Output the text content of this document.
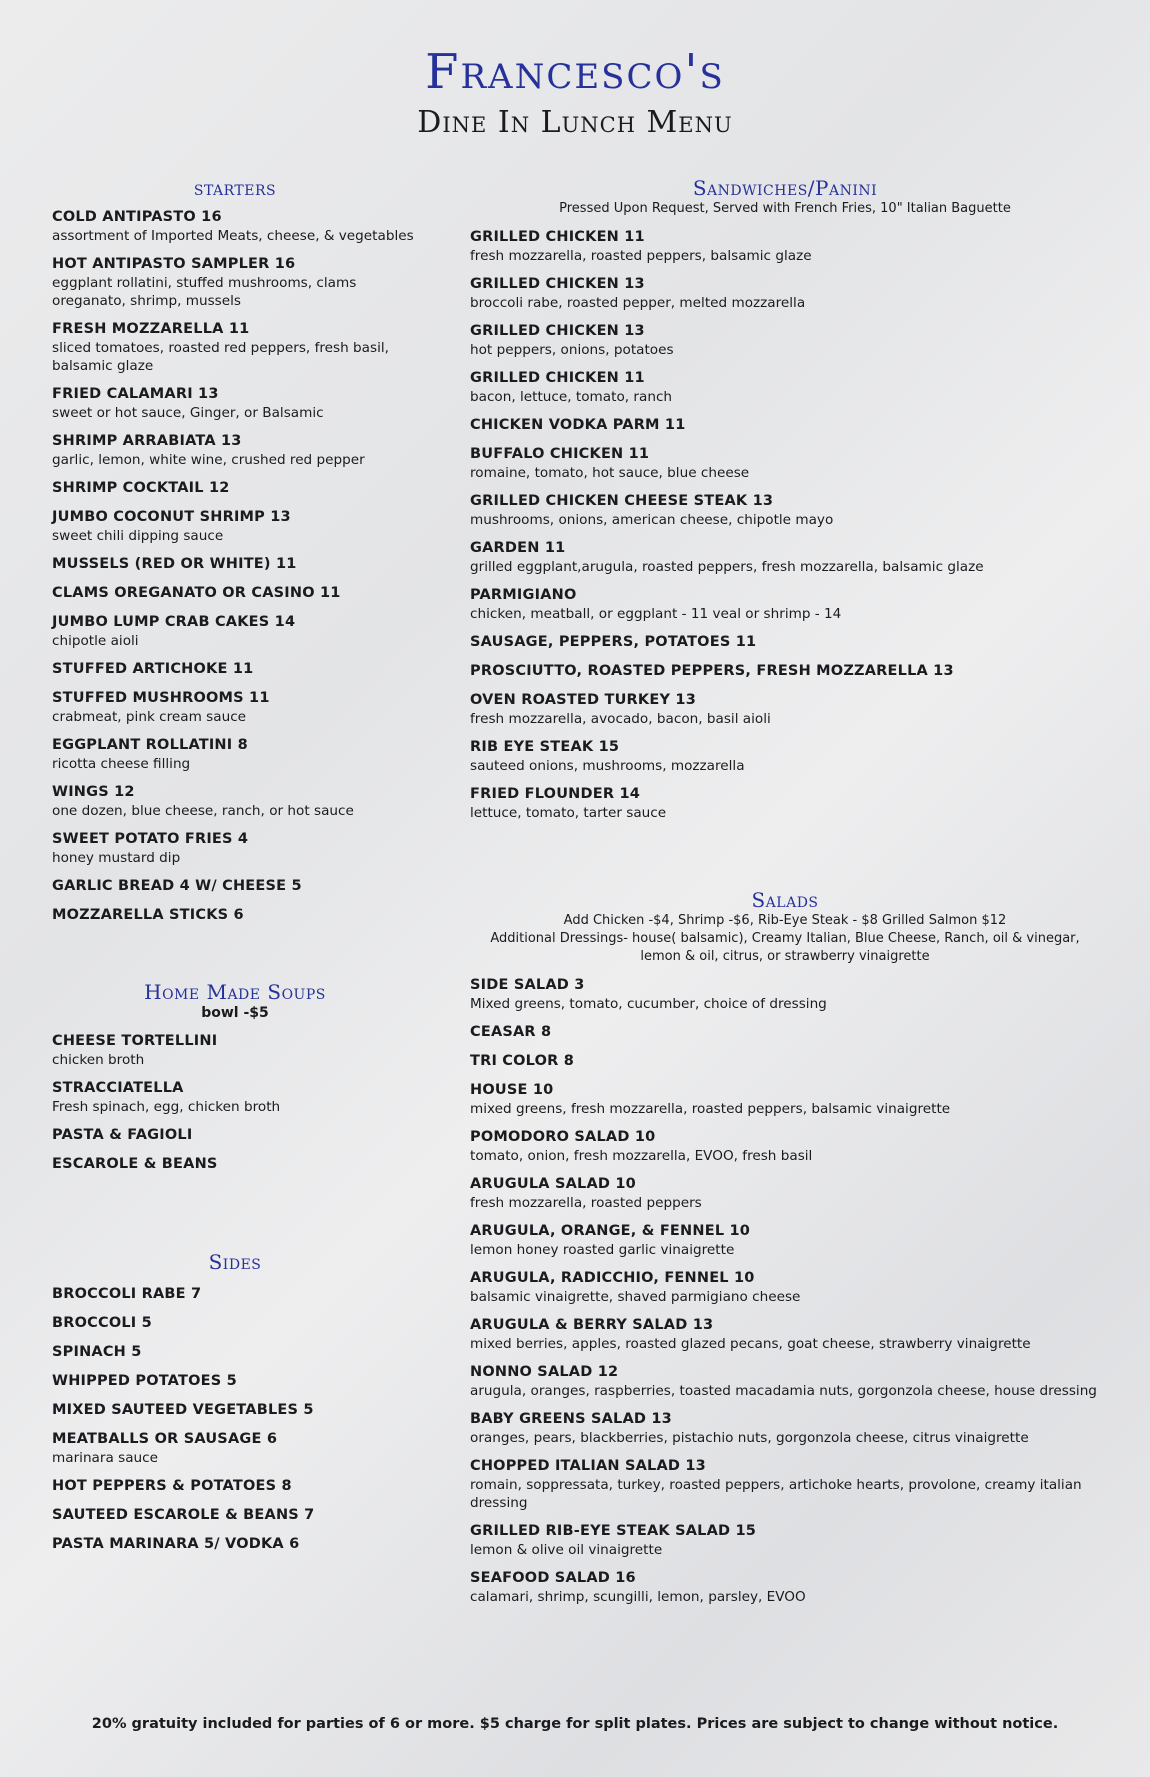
Francesco's
Dine In Lunch Menu
starters
COLD ANTIPASTO 16
assortment of Imported Meats, cheese, & vegetables
HOT ANTIPASTO SAMPLER 16
eggplant rollatini, stuffed mushrooms, clams oreganato, shrimp, mussels
FRESH MOZZARELLA 11
sliced tomatoes, roasted red peppers, fresh basil, balsamic glaze
FRIED CALAMARI 13
sweet or hot sauce, Ginger, or Balsamic
SHRIMP ARRABIATA 13
garlic, lemon, white wine, crushed red pepper
SHRIMP COCKTAIL 12
JUMBO COCONUT SHRIMP 13
sweet chili dipping sauce
MUSSELS (RED OR WHITE) 11
CLAMS OREGANATO OR CASINO 11
JUMBO LUMP CRAB CAKES 14
chipotle aioli
STUFFED ARTICHOKE 11
STUFFED MUSHROOMS 11
crabmeat, pink cream sauce
EGGPLANT ROLLATINI 8
ricotta cheese filling
WINGS 12
one dozen, blue cheese, ranch, or hot sauce
SWEET POTATO FRIES 4
honey mustard dip
GARLIC BREAD 4 W/ CHEESE 5
MOZZARELLA STICKS 6
Home Made Soups
bowl -$5
CHEESE TORTELLINI
chicken broth
STRACCIATELLA
Fresh spinach, egg, chicken broth
PASTA & FAGIOLI
ESCAROLE & BEANS
Sides
BROCCOLI RABE 7
BROCCOLI 5
SPINACH 5
WHIPPED POTATOES 5
MIXED SAUTEED VEGETABLES 5
MEATBALLS OR SAUSAGE 6
marinara sauce
HOT PEPPERS & POTATOES 8
SAUTEED ESCAROLE & BEANS 7
PASTA MARINARA 5/ VODKA 6
Sandwiches/Panini
Pressed Upon Request, Served with French Fries, 10" Italian Baguette
GRILLED CHICKEN 11
fresh mozzarella, roasted peppers, balsamic glaze
GRILLED CHICKEN 13
broccoli rabe, roasted pepper, melted mozzarella
GRILLED CHICKEN 13
hot peppers, onions, potatoes
GRILLED CHICKEN 11
bacon, lettuce, tomato, ranch
CHICKEN VODKA PARM 11
BUFFALO CHICKEN 11
romaine, tomato, hot sauce, blue cheese
GRILLED CHICKEN CHEESE STEAK 13
mushrooms, onions, american cheese, chipotle mayo
GARDEN 11
grilled eggplant,arugula, roasted peppers, fresh mozzarella, balsamic glaze
PARMIGIANO
chicken, meatball, or eggplant - 11 veal or shrimp - 14
SAUSAGE, PEPPERS, POTATOES 11
PROSCIUTTO, ROASTED PEPPERS, FRESH MOZZARELLA 13
OVEN ROASTED TURKEY 13
fresh mozzarella, avocado, bacon, basil aioli
RIB EYE STEAK 15
sauteed onions, mushrooms, mozzarella
FRIED FLOUNDER 14
lettuce, tomato, tarter sauce
Salads
Add Chicken -$4, Shrimp -$6, Rib-Eye Steak - $8 Grilled Salmon $12
Additional Dressings- house( balsamic), Creamy Italian, Blue Cheese, Ranch, oil & vinegar,
lemon & oil, citrus, or strawberry vinaigrette
SIDE SALAD 3
Mixed greens, tomato, cucumber, choice of dressing
CEASAR 8
TRI COLOR 8
HOUSE 10
mixed greens, fresh mozzarella, roasted peppers, balsamic vinaigrette
POMODORO SALAD 10
tomato, onion, fresh mozzarella, EVOO, fresh basil
ARUGULA SALAD 10
fresh mozzarella, roasted peppers
ARUGULA, ORANGE, & FENNEL 10
lemon honey roasted garlic vinaigrette
ARUGULA, RADICCHIO, FENNEL 10
balsamic vinaigrette, shaved parmigiano cheese
ARUGULA & BERRY SALAD 13
mixed berries, apples, roasted glazed pecans, goat cheese, strawberry vinaigrette
NONNO SALAD 12
arugula, oranges, raspberries, toasted macadamia nuts, gorgonzola cheese, house dressing
BABY GREENS SALAD 13
oranges, pears, blackberries, pistachio nuts, gorgonzola cheese, citrus vinaigrette
CHOPPED ITALIAN SALAD 13
romain, soppressata, turkey, roasted peppers, artichoke hearts, provolone, creamy italian dressing
GRILLED RIB-EYE STEAK SALAD 15
lemon & olive oil vinaigrette
SEAFOOD SALAD 16
calamari, shrimp, scungilli, lemon, parsley, EVOO
20% gratuity included for parties of 6 or more. $5 charge for split plates. Prices are subject to change without notice.
